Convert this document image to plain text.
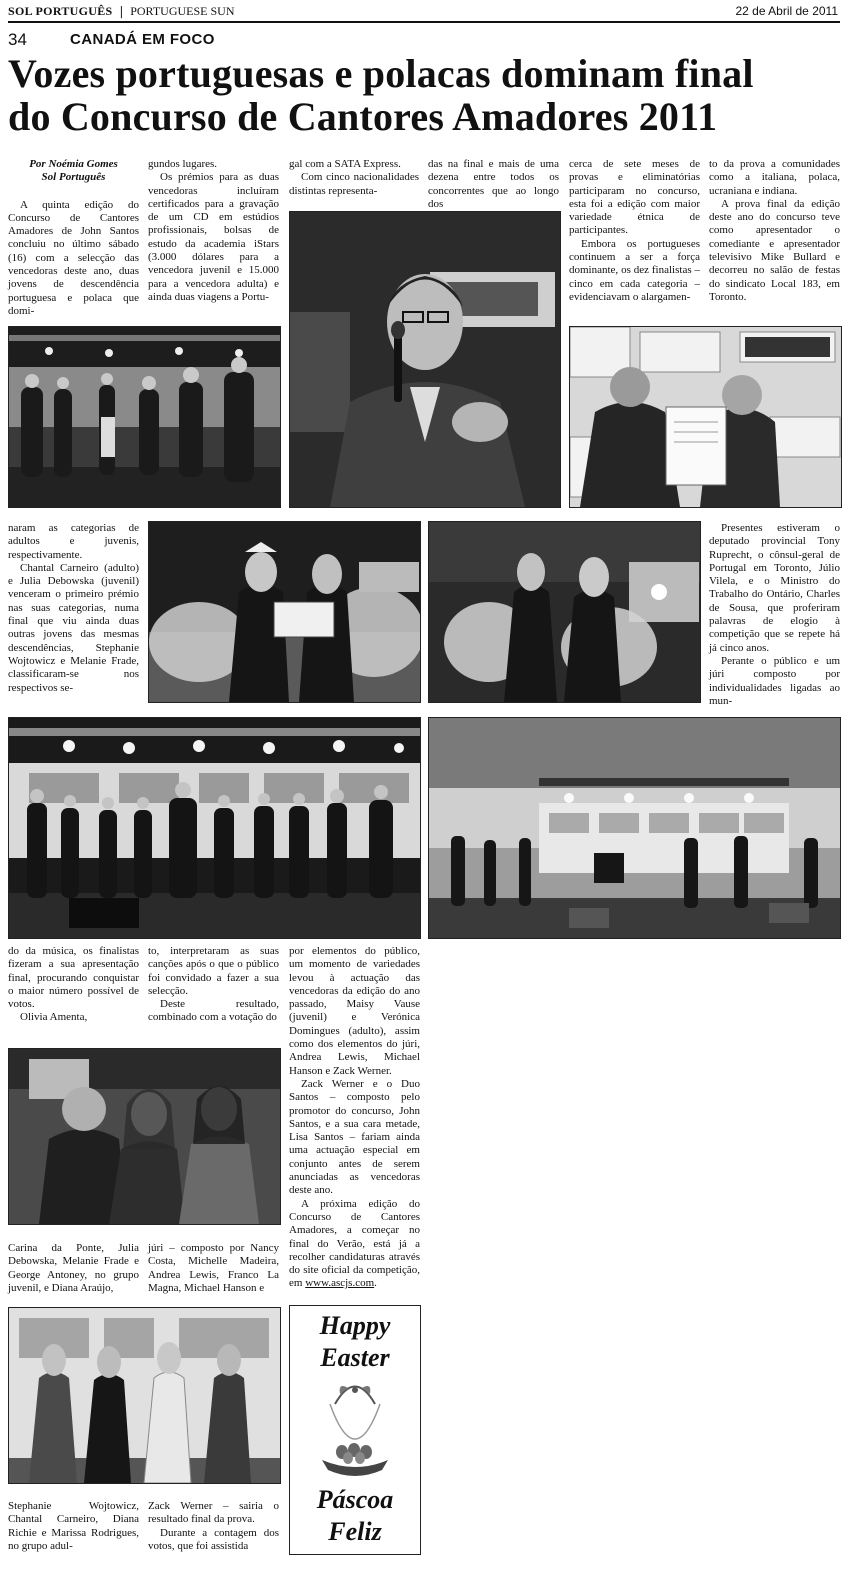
SOL PORTUGUÊS | PORTUGUESE SUN	22 de Abril de 2011
34	CANADÁ EM FOCO
Vozes portuguesas e polacas dominam final
do Concurso de Cantores Amadores 2011

Por Noémia Gomes

Sol Português

A quinta edição do Concurso de Cantores Amadores de John Santos concluiu no último sábado (16) com a selecção das vencedoras deste ano, duas jovens de descendência portuguesa e polaca que domi-

gundos lugares.

Os prémios para as duas vencedoras incluíram certificados para a gravação de um CD em estúdios profissionais, bolsas de estudo da academia iStars (3.000 dólares para a vencedora juvenil e 15.000 para a vencedora adulta) e ainda duas viagens a Portu-

gal com a SATA Express.

Com cinco nacionalidades distintas representa-

das na final e mais de uma dezena entre todos os concorrentes que ao longo dos

cerca de sete meses de provas e eliminatórias participaram no concurso, esta foi a edição com maior variedade étnica de participantes.

Embora os portugueses continuem a ser a força dominante, os dez finalistas – cinco em cada categoria – evidenciavam o alargamen-

to da prova a comunidades como a italiana, polaca, ucraniana e indiana.

A prova final da edição deste ano do concurso teve como apresentador o comediante e apresentador televisivo Mike Bullard e decorreu no salão de festas do sindicato Local 183, em Toronto.

naram as categorias de adultos e juvenis, respectivamente.

Chantal Carneiro (adulto) e Julia Debowska (juvenil) venceram o primeiro prémio nas suas categorias, numa final que viu ainda duas outras jovens das mesmas descendências, Stephanie Wojtowicz e Melanie Frade, classificaram-se nos respectivos se-

Presentes estiveram o deputado provincial Tony Ruprecht, o cônsul-geral de Portugal em Toronto, Júlio Vilela, e o Ministro do Trabalho do Ontário, Charles de Sousa, que proferiram palavras de elogio à competição que se repete há já cinco anos.

Perante o público e um júri composto por individualidades ligadas ao mun-

do da música, os finalistas fizeram a sua apresentação final, procurando conquistar o maior número possível de votos.

Olivia Amenta,

to, interpretaram as suas canções após o que o público foi convidado a fazer a sua selecção.

Deste resultado, combinado com a votação do

por elementos do público, um momento de variedades levou à actuação das vencedoras da edição do ano passado, Maisy Vause (juvenil) e Verónica Domingues (adulto), assim como dos elementos do júri, Andrea Lewis, Michael Hanson e Zack Werner.

Zack Werner e o Duo Santos – composto pelo promotor do concurso, John Santos, e a sua cara metade, Lisa Santos – fariam ainda uma actuação especial em conjunto antes de serem anunciadas as vencedoras deste ano.

A próxima edição do Concurso de Cantores Amadores, a começar no final do Verão, está já a recolher candidaturas através do site oficial da competição, em www.ascjs.com.

Carina da Ponte, Julia Debowska, Melanie Frade e George Antoney, no grupo juvenil, e Diana Araújo,

júri – composto por Nancy Costa, Michelle Madeira, Andrea Lewis, Franco La Magna, Michael Hanson e

Happy
Easter
Páscoa
Feliz

Stephanie Wojtowicz, Chantal Carneiro, Diana Richie e Marissa Rodrigues, no grupo adul-

Zack Werner – sairia o resultado final da prova.

Durante a contagem dos votos, que foi assistida
